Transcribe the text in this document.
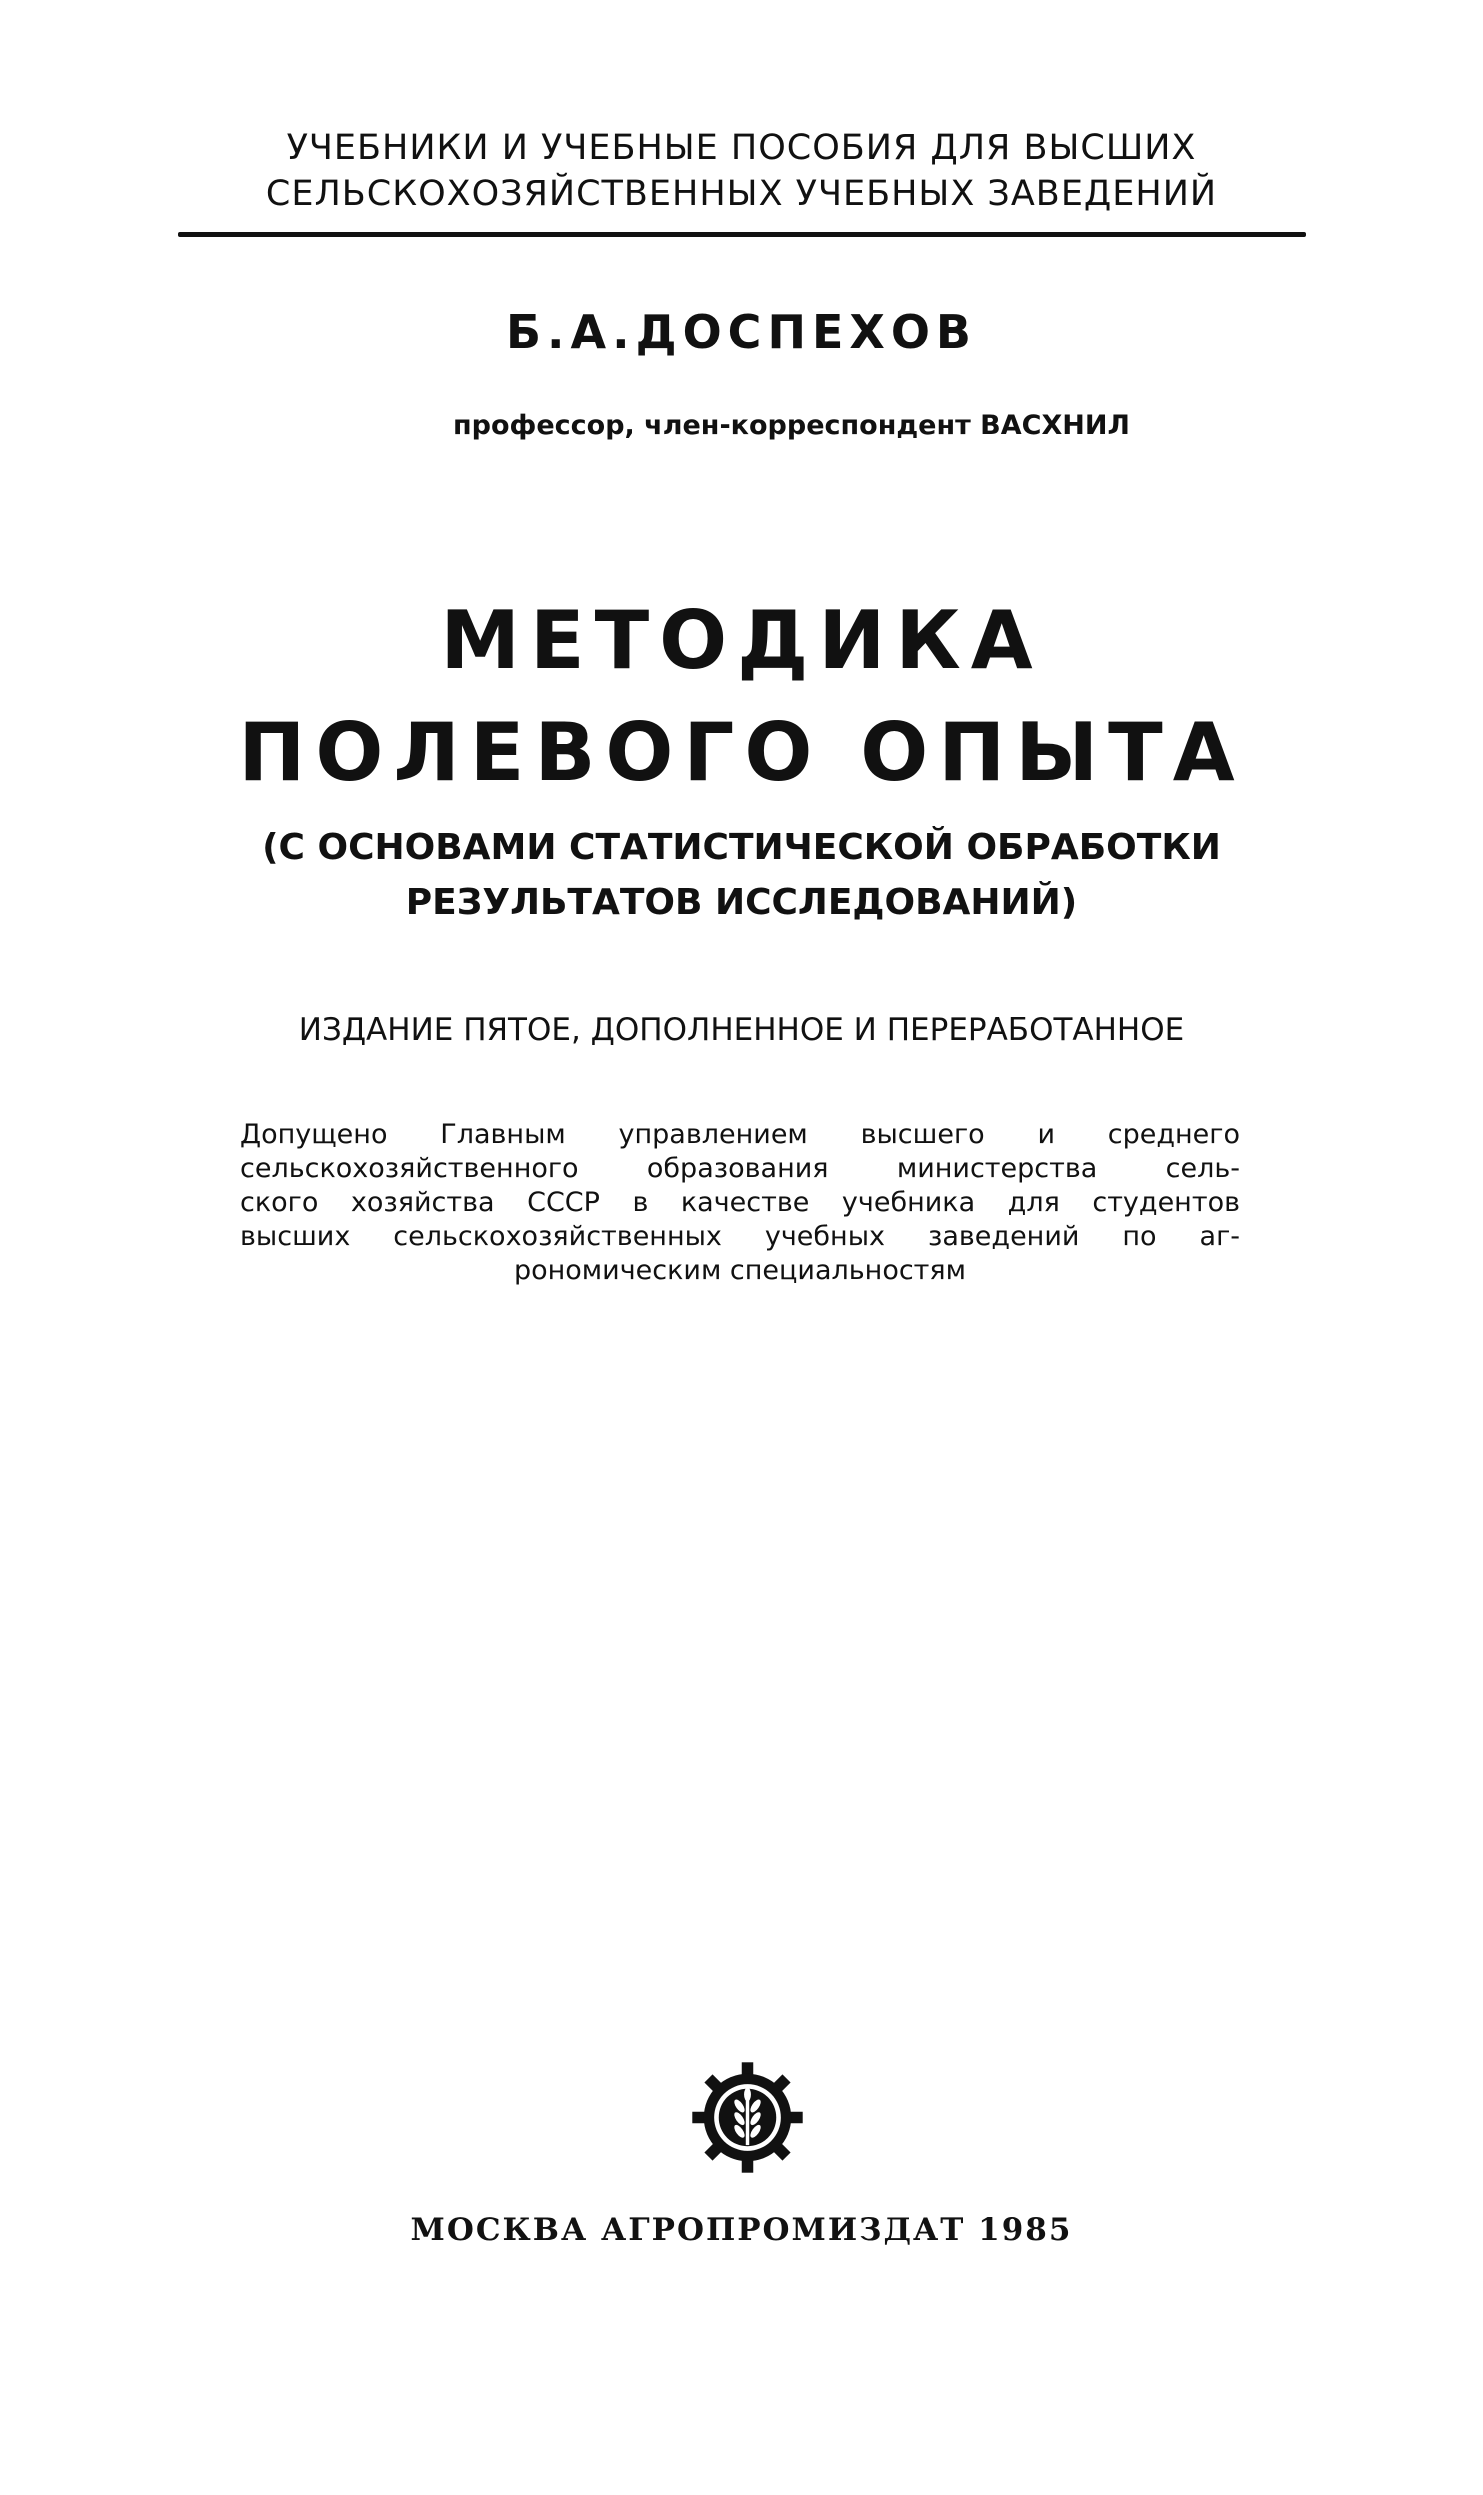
УЧЕБНИКИ И УЧЕБНЫЕ ПОСОБИЯ ДЛЯ ВЫСШИХ
СЕЛЬСКОХОЗЯЙСТВЕННЫХ УЧЕБНЫХ ЗАВЕДЕНИЙ
Б.А.ДОСПЕХОВ
профессор, член-корреспондент ВАСХНИЛ
МЕТОДИКА
ПОЛЕВОГО ОПЫТА
(С ОСНОВАМИ СТАТИСТИЧЕСКОЙ ОБРАБОТКИ
РЕЗУЛЬТАТОВ ИССЛЕДОВАНИЙ)
ИЗДАНИЕ ПЯТОЕ, ДОПОЛНЕННОЕ И ПЕРЕРАБОТАННОЕ
Допущено Главным управлением высшего и среднего
сельскохозяйственного образования министерства сель-
ского хозяйства СССР в качестве учебника для студентов
высших сельскохозяйственных учебных заведений по аг-
рономическим специальностям
МОСКВА АГРОПРОМИЗДАТ 1985
